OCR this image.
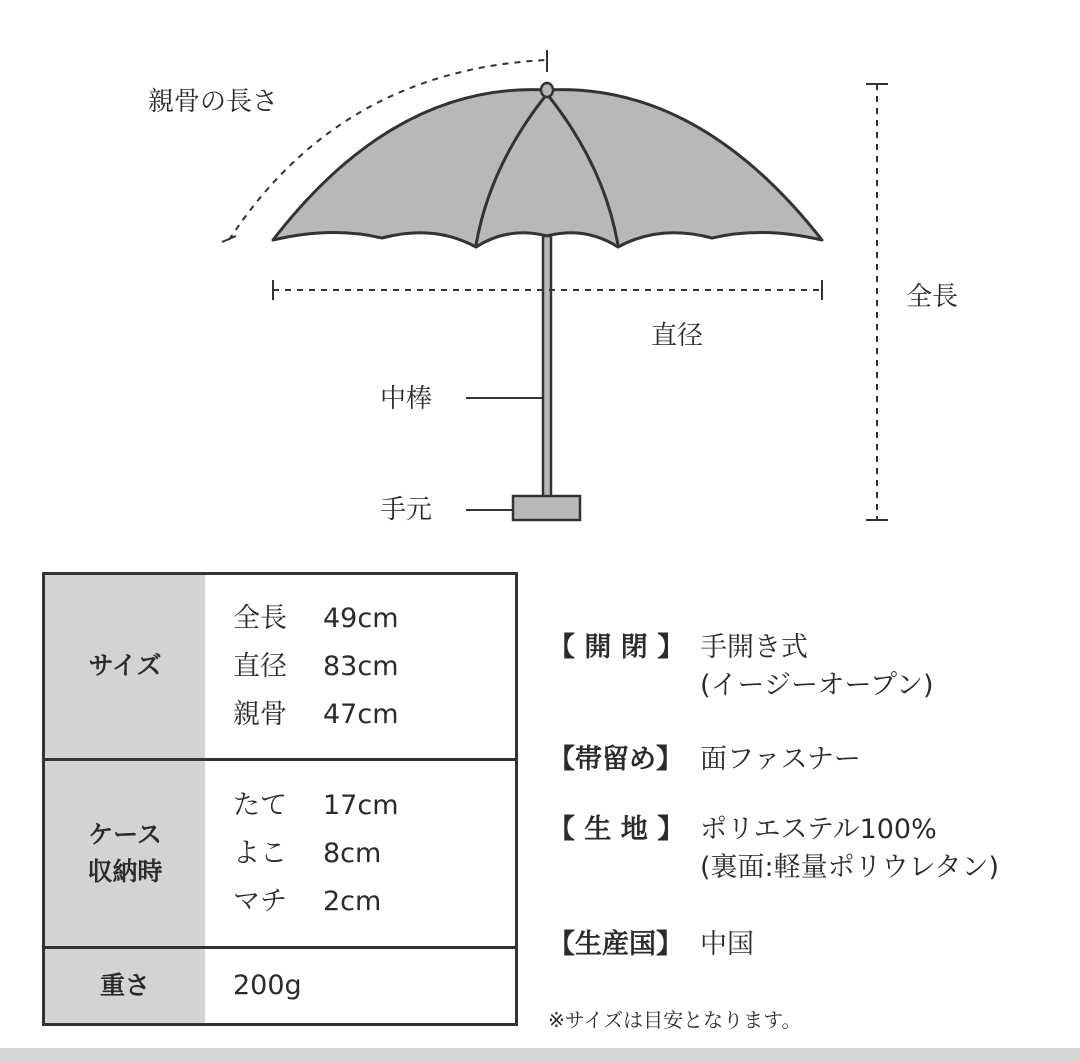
親骨の長さ
全長
直径
中棒
手元
サイズ
全長 49cm
直径 83cm
親骨 47cm
ケース
収納時
たて 17cm
よこ 8cm
マチ 2cm
重さ	200g
【 開 閉 】 手開き式
(イージーオープン)
【帯留め】 面ファスナー
【 生 地 】 ポリエステル100%
(裏面:軽量ポリウレタン)
【生産国】 中国
※サイズは目安となります。
